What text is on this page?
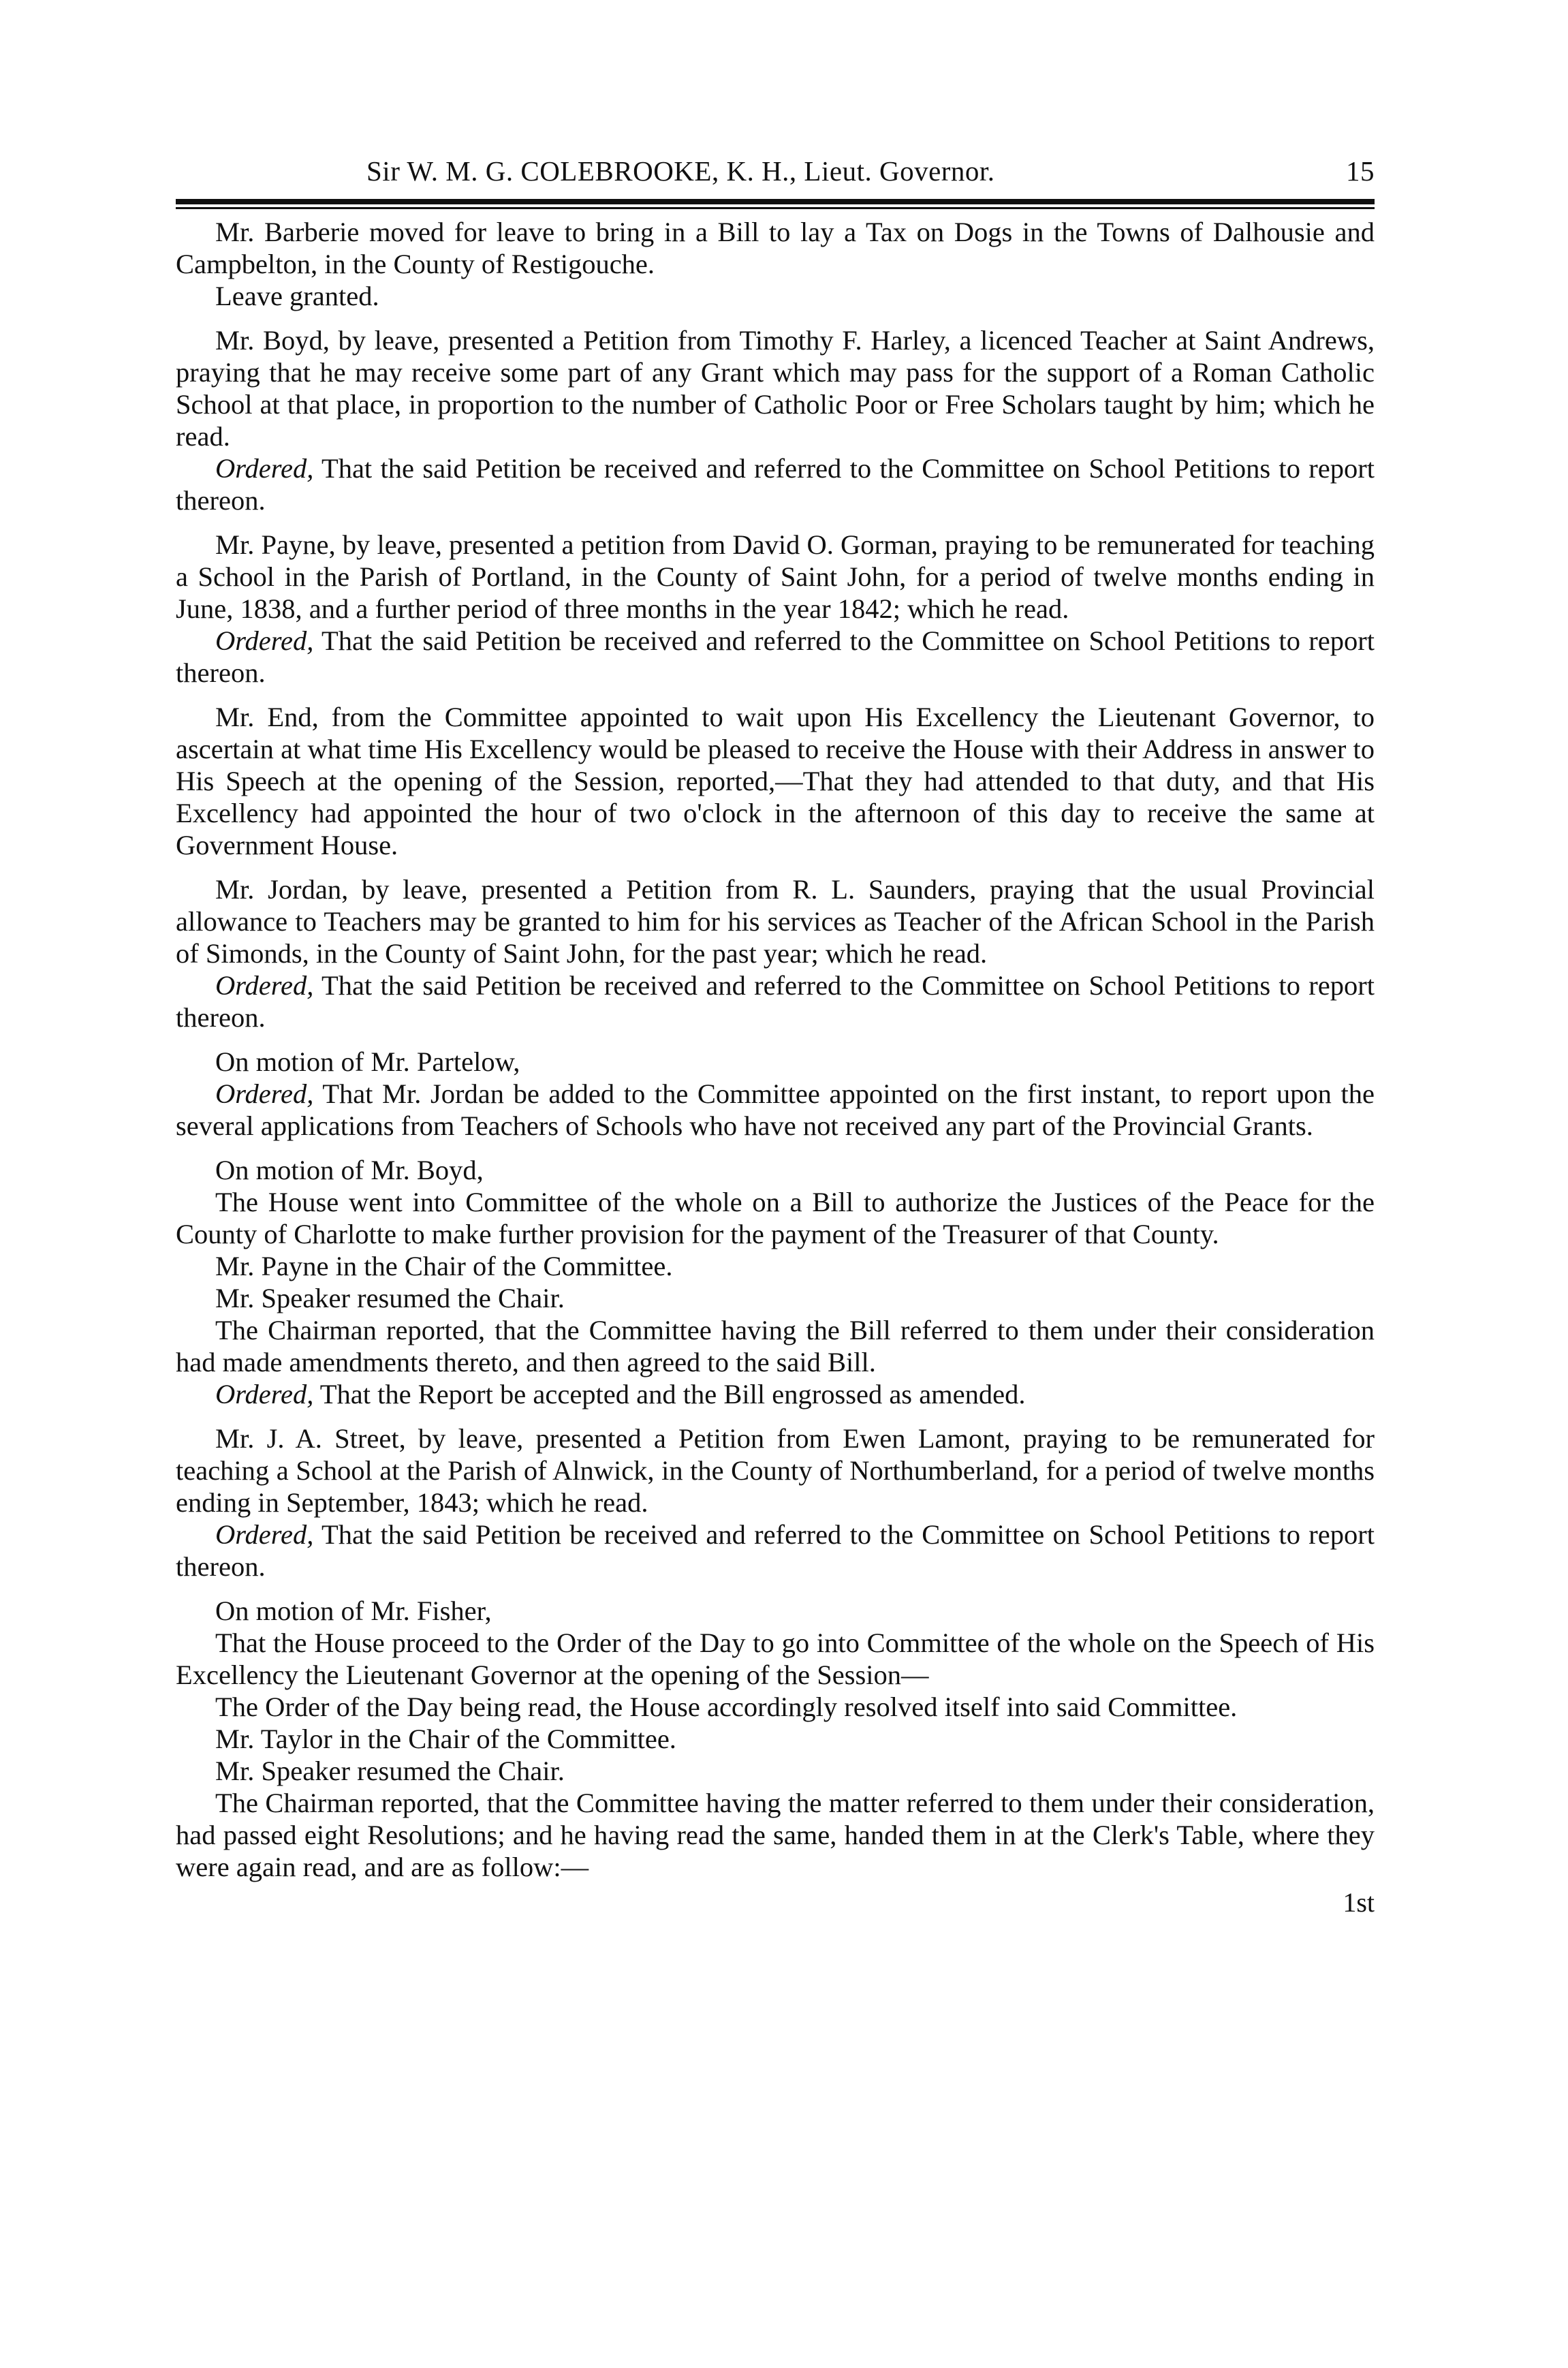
Sir W. M. G. COLEBROOKE, K. H., Lieut. Governor.	15

Mr. Barberie moved for leave to bring in a Bill to lay a Tax on Dogs in the Towns of Dalhousie and Campbelton, in the County of Restigouche.

Leave granted.

Mr. Boyd, by leave, presented a Petition from Timothy F. Harley, a licenced Teacher at Saint Andrews, praying that he may receive some part of any Grant which may pass for the support of a Roman Catholic School at that place, in proportion to the number of Catholic Poor or Free Scholars taught by him; which he read.

Ordered, That the said Petition be received and referred to the Committee on School Petitions to report thereon.

Mr. Payne, by leave, presented a petition from David O. Gorman, praying to be remunerated for teaching a School in the Parish of Portland, in the County of Saint John, for a period of twelve months ending in June, 1838, and a further period of three months in the year 1842; which he read.

Ordered, That the said Petition be received and referred to the Committee on School Petitions to report thereon.

Mr. End, from the Committee appointed to wait upon His Excellency the Lieutenant Governor, to ascertain at what time His Excellency would be pleased to receive the House with their Address in answer to His Speech at the opening of the Session, reported,—That they had attended to that duty, and that His Excellency had appointed the hour of two o'clock in the afternoon of this day to receive the same at Government House.

Mr. Jordan, by leave, presented a Petition from R. L. Saunders, praying that the usual Provincial allowance to Teachers may be granted to him for his services as Teacher of the African School in the Parish of Simonds, in the County of Saint John, for the past year; which he read.

Ordered, That the said Petition be received and referred to the Committee on School Petitions to report thereon.

On motion of Mr. Partelow,

Ordered, That Mr. Jordan be added to the Committee appointed on the first instant, to report upon the several applications from Teachers of Schools who have not received any part of the Provincial Grants.

On motion of Mr. Boyd,

The House went into Committee of the whole on a Bill to authorize the Justices of the Peace for the County of Charlotte to make further provision for the payment of the Treasurer of that County.

Mr. Payne in the Chair of the Committee.

Mr. Speaker resumed the Chair.

The Chairman reported, that the Committee having the Bill referred to them under their consideration had made amendments thereto, and then agreed to the said Bill.

Ordered, That the Report be accepted and the Bill engrossed as amended.

Mr. J. A. Street, by leave, presented a Petition from Ewen Lamont, praying to be remunerated for teaching a School at the Parish of Alnwick, in the County of Northumberland, for a period of twelve months ending in September, 1843; which he read.

Ordered, That the said Petition be received and referred to the Committee on School Petitions to report thereon.

On motion of Mr. Fisher,

That the House proceed to the Order of the Day to go into Committee of the whole on the Speech of His Excellency the Lieutenant Governor at the opening of the Session—

The Order of the Day being read, the House accordingly resolved itself into said Committee.

Mr. Taylor in the Chair of the Committee.

Mr. Speaker resumed the Chair.

The Chairman reported, that the Committee having the matter referred to them under their consideration, had passed eight Resolutions; and he having read the same, handed them in at the Clerk's Table, where they were again read, and are as follow:—

1st
